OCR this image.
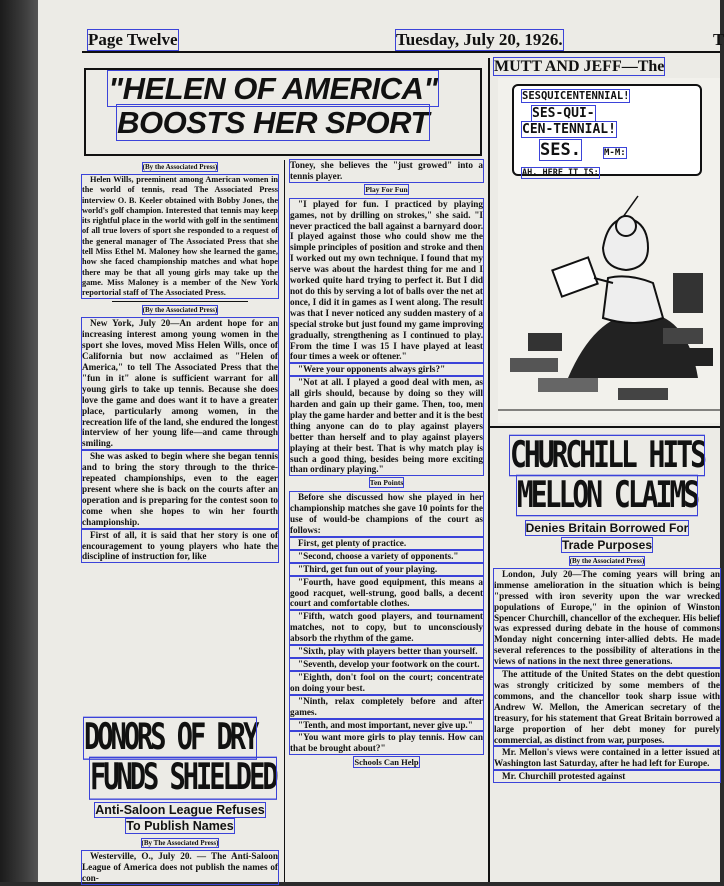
Page Twelve	Tuesday, July 20, 1926.	T
"HELEN OF AMERICA"
BOOSTS HER SPORT
(By the Associated Press)

Helen Wills, preeminent among American women in the world of tennis, read The Associated Press interview O. B. Keeler obtained with Bobby Jones, the world's golf champion. Interested that tennis may keep its rightful place in the world with golf in the sentiment of all true lovers of sport she responded to a request of the general manager of The Associated Press that she tell Miss Ethel M. Maloney how she learned the game, how she faced championship matches and what hope there may be that all young girls may take up the game. Miss Maloney is a member of the New York reportorial staff of The Associated Press.

(By the Associated Press)

New York, July 20—An ardent hope for an increasing interest among young women in the sport she loves, moved Miss Helen Wills, once of California but now acclaimed as "Helen of America," to tell The Associated Press that the "fun in it" alone is sufficient warrant for all young girls to take up tennis. Because she does love the game and does want it to have a greater place, particularly among women, in the recreation life of the land, she endured the longest interview of her young life—and came through smiling.

She was asked to begin where she began tennis and to bring the story through to the thrice-repeated championships, even to the eager present where she is back on the courts after an operation and is preparing for the contest soon to come when she hopes to win her fourth championship.

First of all, it is said that her story is one of encouragement to young players who hate the discipline of instruction for, like

DONORS OF DRY FUNDS SHIELDED
Anti-Saloon League Refuses
To Publish Names
(By The Associated Press)

Westerville, O., July 20. — The Anti-Saloon League of America does not publish the names of con-

Toney, she believes the "just growed" into a tennis player.

Play For Fun

"I played for fun. I practiced by playing games, not by drilling on strokes," she said. "I never practiced the ball against a barnyard door. I played against those who could show me the simple principles of position and stroke and then I worked out my own technique. I found that my serve was about the hardest thing for me and I worked quite hard trying to perfect it. But I did not do this by serving a lot of balls over the net at once, I did it in games as I went along. The result was that I never noticed any sudden mastery of a special stroke but just found my game improving gradually, strengthening as I continued to play. From the time I was 15 I have played at least four times a week or oftener."

"Were your opponents always girls?"

"Not at all. I played a good deal with men, as all girls should, because by doing so they will harden and gain up their game. Then, too, men play the game harder and better and it is the best thing anyone can do to play against players better than herself and to play against players playing at their best. That is why match play is such a good thing, besides being more exciting than ordinary playing."

Ten Points

Before she discussed how she played in her championship matches she gave 10 points for the use of would-be champions of the court as follows:

First, get plenty of practice.

"Second, choose a variety of opponents."

"Third, get fun out of your playing.

"Fourth, have good equipment, this means a good racquet, well-strung, good balls, a decent court and comfortable clothes.

"Fifth, watch good players, and tournament matches, not to copy, but to unconsciously absorb the rhythm of the game.

"Sixth, play with players better than yourself.

"Seventh, develop your footwork on the court.

"Eighth, don't fool on the court; concentrate on doing your best.

"Ninth, relax completely before and after games.

"Tenth, and most important, never give up."

"You want more girls to play tennis. How can that be brought about?"

Schools Can Help
MUTT AND JEFF—The
SESQUICENTENNIAL!
SES-QUI-
CEN-TENNIAL!
SES.	M-M:
AH, HERE IT IS:
CHURCHILL HITS
MELLON CLAIMS
Denies Britain Borrowed For
Trade Purposes
(By the Associated Press)

London, July 20—The coming years will bring an immense amelioration in the situation which is being "pressed with iron severity upon the war wrecked populations of Europe," in the opinion of Winston Spencer Churchill, chancellor of the exchequer. His belief was expressed during debate in the house of commons Monday night concerning inter-allied debts. He made several references to the possibility of alterations in the views of nations in the next three generations.

The attitude of the United States on the debt question was strongly criticized by some members of the commons, and the chancellor took sharp issue with Andrew W. Mellon, the American secretary of the treasury, for his statement that Great Britain borrowed a large proportion of her debt money for purely commercial, as distinct from war, purposes.

Mr. Mellon's views were contained in a letter issued at Washington last Saturday, after he had left for Europe.

Mr. Churchill protested against
